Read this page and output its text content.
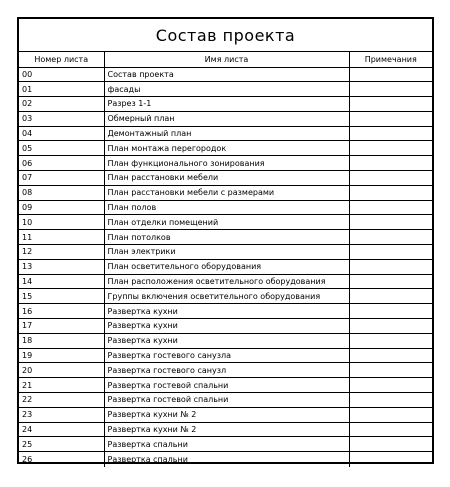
Состав проекта
Номер листа	Имя листа	Примечания
00	Состав проекта	
01	фасады	
02	Разрез 1-1	
03	Обмерный план	
04	Демонтажный план	
05	План монтажа перегородок	
06	План функционального зонирования	
07	План расстановки мебели	
08	План расстановки мебели с размерами	
09	План полов	
10	План отделки помещений	
11	План потолков	
12	План электрики	
13	План осветительного оборудования	
14	План расположения осветительного оборудования	
15	Группы включения осветительного оборудования	
16	Развертка кухни	
17	Развертка кухни	
18	Развертка кухни	
19	Развертка гостевого санузла	
20	Развертка гостевого санузл	
21	Развертка гостевой спальни	
22	Развертка гостевой спальни	
23	Развертка кухни № 2	
24	Развертка кухни № 2	
25	Развертка спальни	
26	Развертка спальни	
